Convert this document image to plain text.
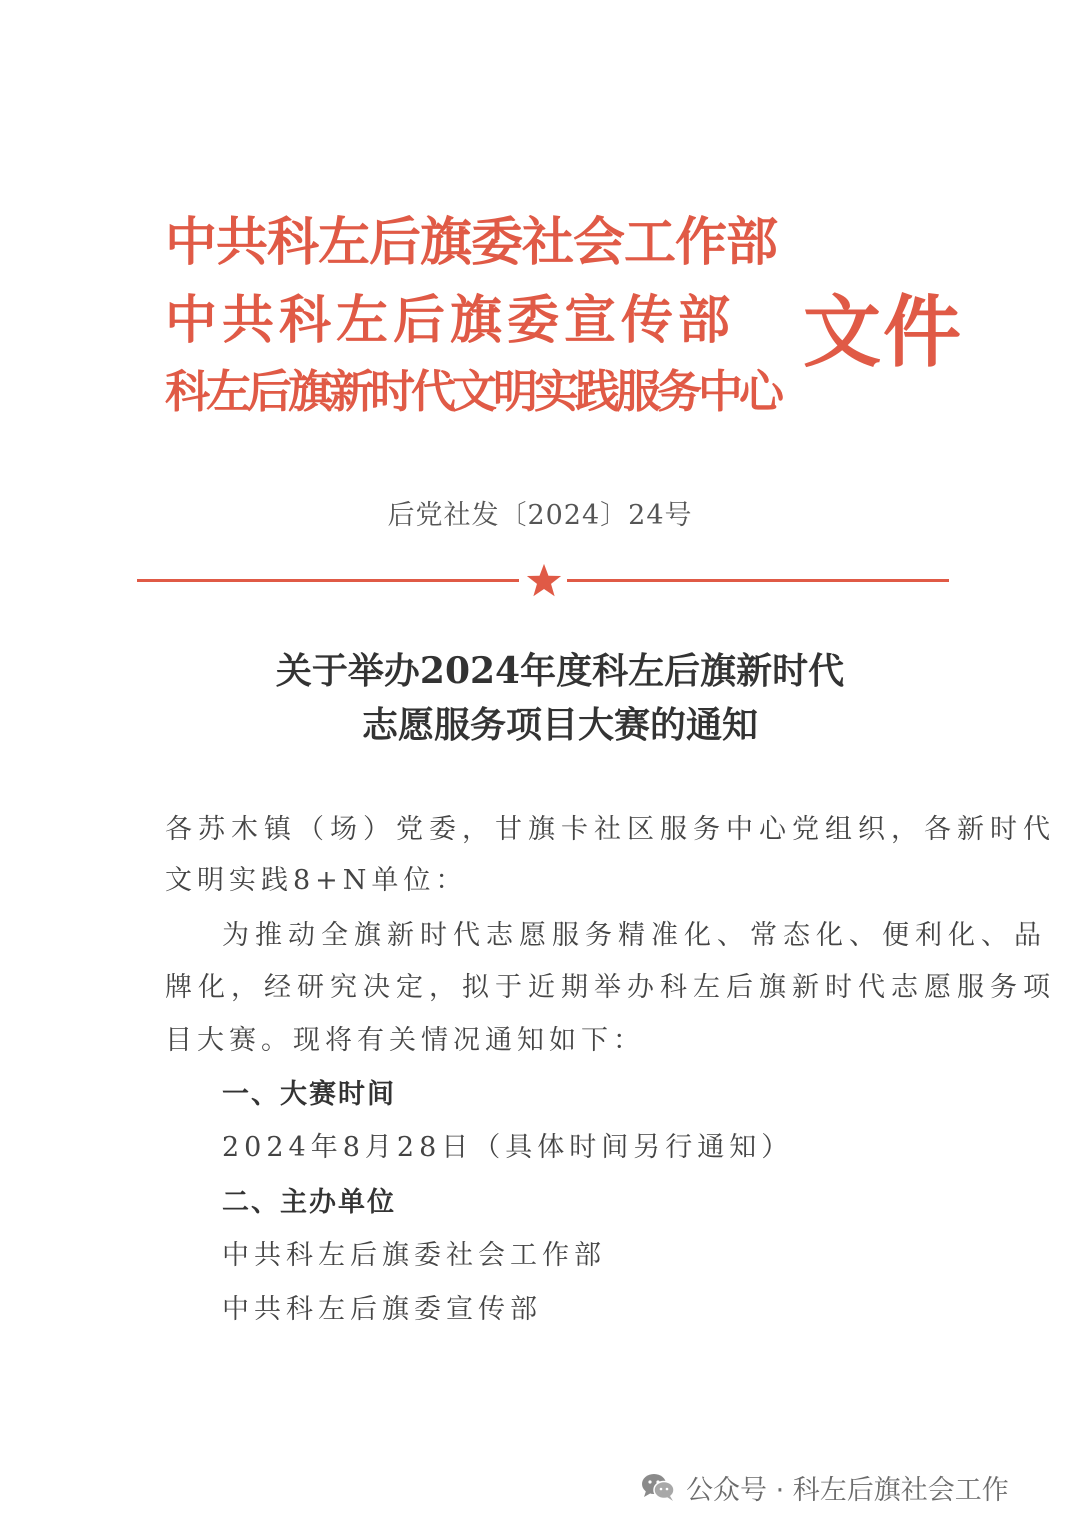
中共科左后旗委社会工作部
中共科左后旗委宣传部
科左后旗新时代文明实践服务中心
文件
后党社发〔2024〕24号
关于举办2024年度科左后旗新时代
志愿服务项目大赛的通知
各苏木镇（场）党委，甘旗卡社区服务中心党组织，各新时代
文明实践8+N单位：
为推动全旗新时代志愿服务精准化、常态化、便利化、品
牌化，经研究决定，拟于近期举办科左后旗新时代志愿服务项
目大赛。现将有关情况通知如下：
一、大赛时间
2024年8月28日（具体时间另行通知）
二、主办单位
中共科左后旗委社会工作部
中共科左后旗委宣传部
公众号 · 科左后旗社会工作
